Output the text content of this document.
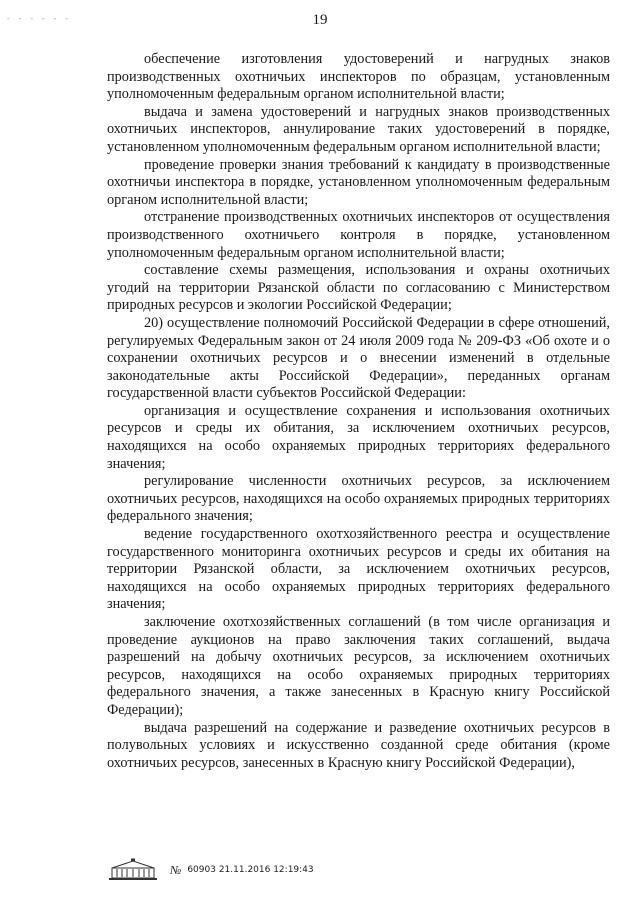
- - - - - -	19

обеспечение изготовления удостоверений и нагрудных знаков производственных охотничьих инспекторов по образцам, установленным уполномоченным федеральным органом исполнительной власти;

выдача и замена удостоверений и нагрудных знаков производственных охотничьих инспекторов, аннулирование таких удостоверений в порядке, установленном уполномоченным федеральным органом исполнительной власти;

проведение проверки знания требований к кандидату в производственные охотничьи инспектора в порядке, установленном уполномоченным федеральным органом исполнительной власти;

отстранение производственных охотничьих инспекторов от осуществления производственного охотничьего контроля в порядке, установленном уполномоченным федеральным органом исполнительной власти;

составление схемы размещения, использования и охраны охотничьих угодий на территории Рязанской области по согласованию с Министерством природных ресурсов и экологии Российской Федерации;

20) осуществление полномочий Российской Федерации в сфере отношений, регулируемых Федеральным закон от 24 июля 2009 года № 209-ФЗ «Об охоте и о сохранении охотничьих ресурсов и о внесении изменений в отдельные законодательные акты Российской Федерации», переданных органам государственной власти субъектов Российской Федерации:

организация и осуществление сохранения и использования охотничьих ресурсов и среды их обитания, за исключением охотничьих ресурсов, находящихся на особо охраняемых природных территориях федерального значения;

регулирование численности охотничьих ресурсов, за исключением охотничьих ресурсов, находящихся на особо охраняемых природных территориях федерального значения;

ведение государственного охотхозяйственного реестра и осуществление государственного мониторинга охотничьих ресурсов и среды их обитания на территории Рязанской области, за исключением охотничьих ресурсов, находящихся на особо охраняемых природных территориях федерального значения;

заключение охотхозяйственных соглашений (в том числе организация и проведение аукционов на право заключения таких соглашений, выдача разрешений на добычу охотничьих ресурсов, за исключением охотничьих ресурсов, находящихся на особо охраняемых природных территориях федерального значения, а также занесенных в Красную книгу Российской Федерации);

выдача разрешений на содержание и разведение охотничьих ресурсов в полувольных условиях и искусственно созданной среде обитания (кроме охотничьих ресурсов, занесенных в Красную книгу Российской Федерации),

№ 60903 21.11.2016 12:19:43
